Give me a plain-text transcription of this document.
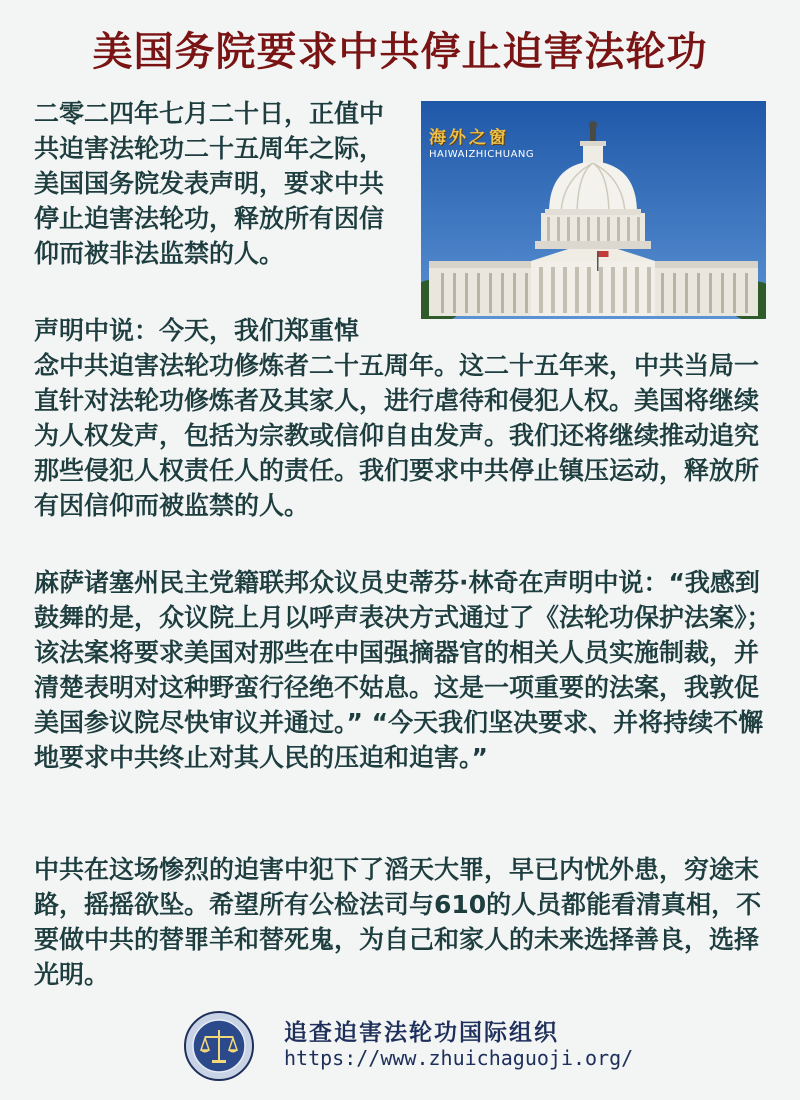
美国务院要求中共停止迫害法轮功

二零二四年七月二十日，正值中共迫害法轮功二十五周年之际，美国国务院发表声明，要求中共停止迫害法轮功，释放所有因信仰而被非法监禁的人。

海外之窗
HAIWAIZHICHUANG

声明中说：今天，我们郑重悼

念中共迫害法轮功修炼者二十五周年。这二十五年来，中共当局一直针对法轮功修炼者及其家人，进行虐待和侵犯人权。美国将继续为人权发声，包括为宗教或信仰自由发声。我们还将继续推动追究那些侵犯人权责任人的责任。我们要求中共停止镇压运动，释放所有因信仰而被监禁的人。

麻萨诸塞州民主党籍联邦众议员史蒂芬·林奇在声明中说：“我感到鼓舞的是，众议院上月以呼声表决方式通过了《法轮功保护法案》；该法案将要求美国对那些在中国强摘器官的相关人员实施制裁，并清楚表明对这种野蛮行径绝不姑息。这是一项重要的法案，我敦促美国参议院尽快审议并通过。” “今天我们坚决要求、并将持续不懈地要求中共终止对其人民的压迫和迫害。”

中共在这场惨烈的迫害中犯下了滔天大罪，早已内忧外患，穷途末路，摇摇欲坠。希望所有公检法司与610的人员都能看清真相，不要做中共的替罪羊和替死鬼，为自己和家人的未来选择善良，选择光明。

追查迫害法轮功国际组织
https://www.zhuichaguoji.org/
